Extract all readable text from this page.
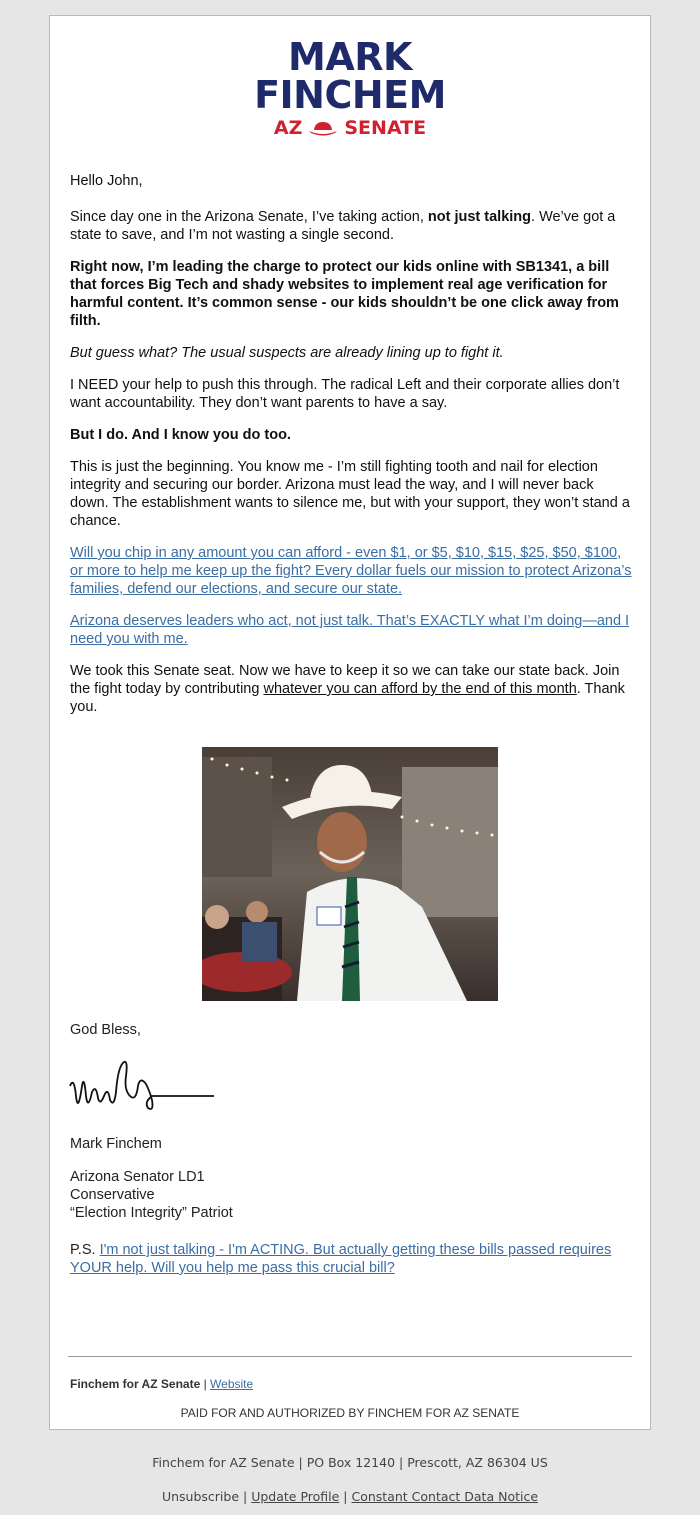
MARK
FINCHEM
AZ SENATE

Hello John,

Since day one in the Arizona Senate, I’ve taking action, not just talking. We’ve got a state to save, and I’m not wasting a single second.

Right now, I’m leading the charge to protect our kids online with SB1341, a bill that forces Big Tech and shady websites to implement real age verification for harmful content. It’s common sense - our kids shouldn’t be one click away from filth.

But guess what? The usual suspects are already lining up to fight it.

I NEED your help to push this through. The radical Left and their corporate allies don’t want accountability. They don’t want parents to have a say.

But I do. And I know you do too.

This is just the beginning. You know me - I’m still fighting tooth and nail for election integrity and securing our border. Arizona must lead the way, and I will never back down. The establishment wants to silence me, but with your support, they won’t stand a chance.

Will you chip in any amount you can afford - even $1, or $5, $10, $15, $25, $50, $100, or more to help me keep up the fight? Every dollar fuels our mission to protect Arizona’s families, defend our elections, and secure our state.

Arizona deserves leaders who act, not just talk. That’s EXACTLY what I’m doing—and I need you with me.

We took this Senate seat. Now we have to keep it so we can take our state back. Join the fight today by contributing whatever you can afford by the end of this month. Thank you.

God Bless,
Mark Finchem
Arizona Senator LD1
Conservative
“Election Integrity” Patriot
P.S. I'm not just talking - I'm ACTING. But actually getting these bills passed requires YOUR help. Will you help me pass this crucial bill?
Finchem for AZ Senate | Website
PAID FOR AND AUTHORIZED BY FINCHEM FOR AZ SENATE
Finchem for AZ Senate | PO Box 12140 | Prescott, AZ 86304 US
Unsubscribe | Update Profile | Constant Contact Data Notice
